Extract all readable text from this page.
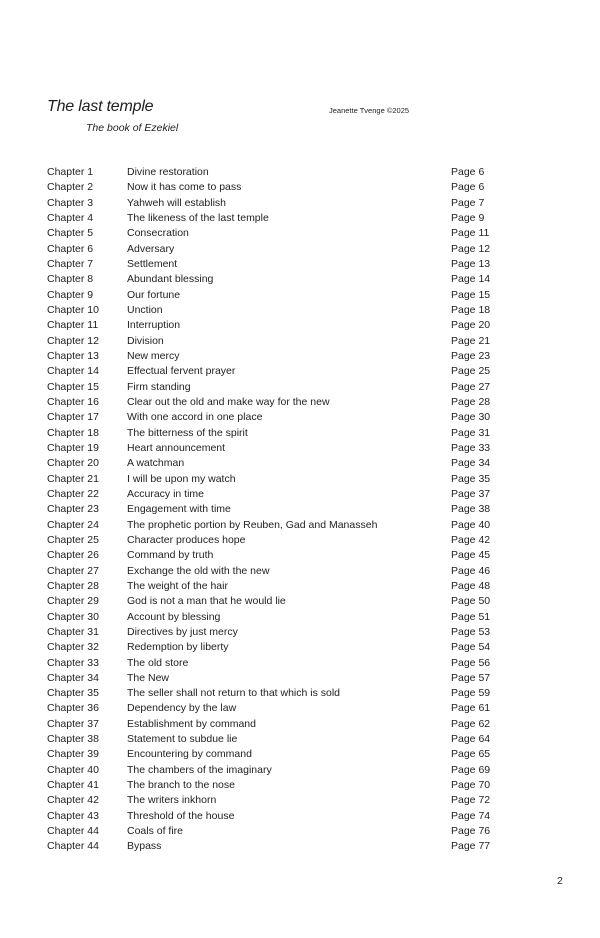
The last temple
The book of Ezekiel
Jeanette Tvenge ©2025
Chapter 1	Divine restoration	Page 6
Chapter 2	Now it has come to pass	Page 6
Chapter 3	Yahweh will establish	Page 7
Chapter 4	The likeness of the last temple	Page 9
Chapter 5	Consecration	Page 11
Chapter 6	Adversary	Page 12
Chapter 7	Settlement	Page 13
Chapter 8	Abundant blessing	Page 14
Chapter 9	Our fortune	Page 15
Chapter 10	Unction	Page 18
Chapter 11	Interruption	Page 20
Chapter 12	Division	Page 21
Chapter 13	New mercy	Page 23
Chapter 14	Effectual fervent prayer	Page 25
Chapter 15	Firm standing	Page 27
Chapter 16	Clear out the old and make way for the new	Page 28
Chapter 17	With one accord in one place	Page 30
Chapter 18	The bitterness of the spirit	Page 31
Chapter 19	Heart announcement	Page 33
Chapter 20	A watchman	Page 34
Chapter 21	I will be upon my watch	Page 35
Chapter 22	Accuracy in time	Page 37
Chapter 23	Engagement with time	Page 38
Chapter 24	The prophetic portion by Reuben, Gad and Manasseh	Page 40
Chapter 25	Character produces hope	Page 42
Chapter 26	Command by truth	Page 45
Chapter 27	Exchange the old with the new	Page 46
Chapter 28	The weight of the hair	Page 48
Chapter 29	God is not a man that he would lie	Page 50
Chapter 30	Account by blessing	Page 51
Chapter 31	Directives by just mercy	Page 53
Chapter 32	Redemption by liberty	Page 54
Chapter 33	The old store	Page 56
Chapter 34	The New	Page 57
Chapter 35	The seller shall not return to that which is sold	Page 59
Chapter 36	Dependency by the law	Page 61
Chapter 37	Establishment by command	Page 62
Chapter 38	Statement to subdue lie	Page 64
Chapter 39	Encountering by command	Page 65
Chapter 40	The chambers of the imaginary	Page 69
Chapter 41	The branch to the nose	Page 70
Chapter 42	The writers inkhorn	Page 72
Chapter 43	Threshold of the house	Page 74
Chapter 44	Coals of fire	Page 76
Chapter 44	Bypass	Page 77
2
